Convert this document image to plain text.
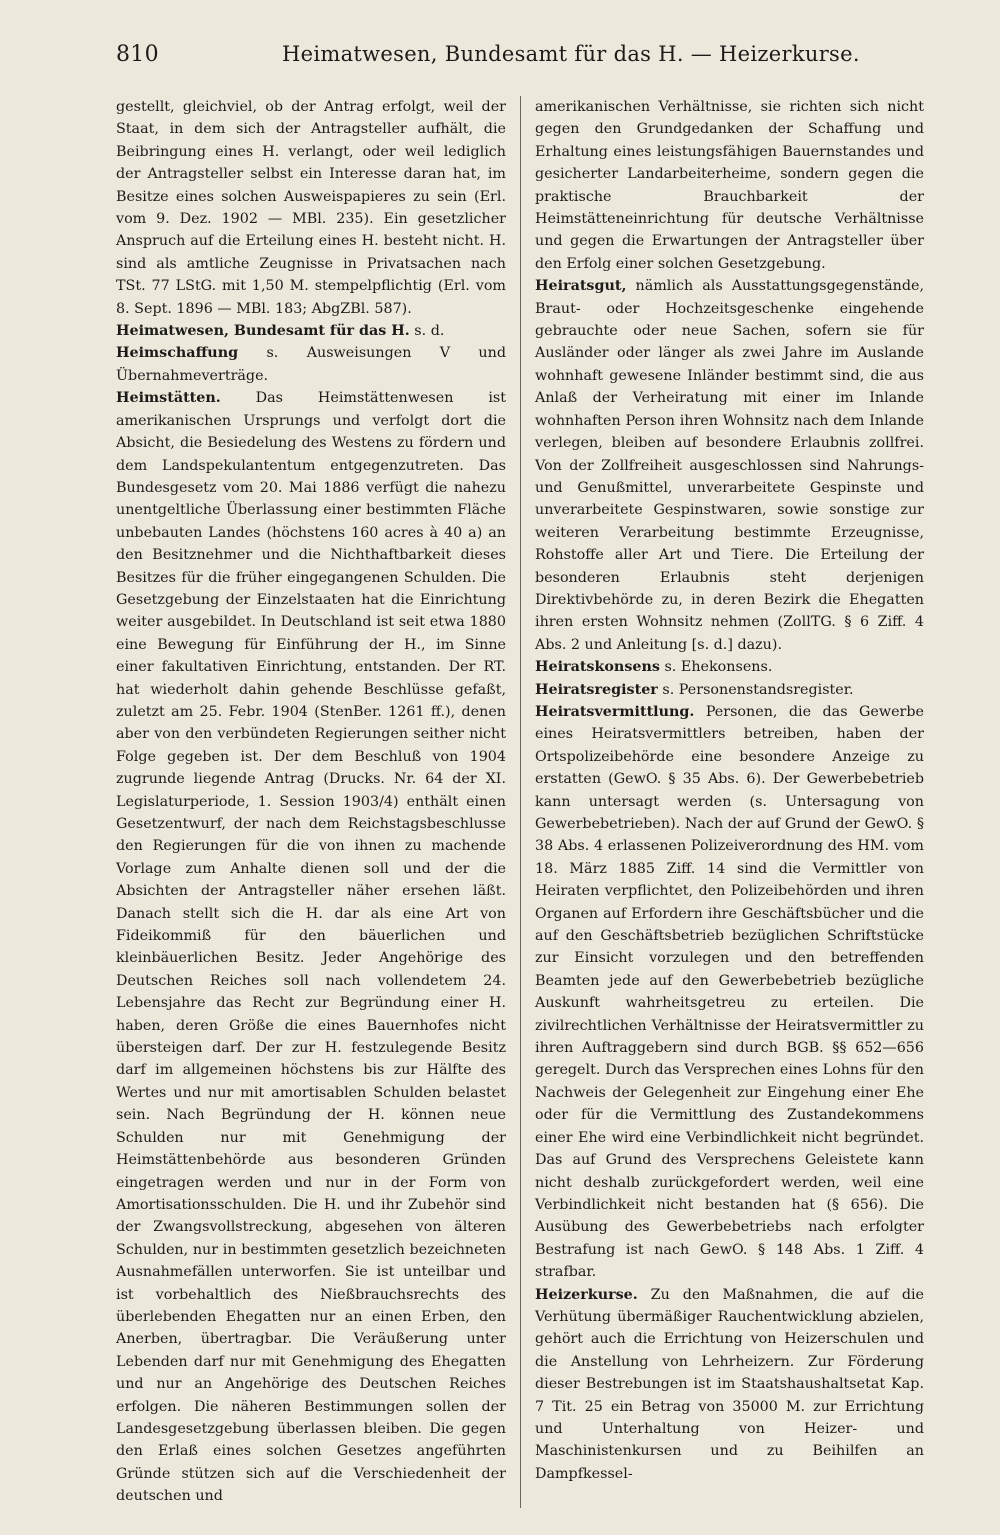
810	Heimatwesen, Bundesamt für das H. — Heizerkurse.

gestellt, gleichviel, ob der Antrag erfolgt, weil der Staat, in dem sich der Antragsteller aufhält, die Beibringung eines H. verlangt, oder weil lediglich der Antragsteller selbst ein Interesse daran hat, im Besitze eines solchen Ausweispapieres zu sein (Erl. vom 9. Dez. 1902 — MBl. 235). Ein gesetzlicher Anspruch auf die Erteilung eines H. besteht nicht. H. sind als amtliche Zeugnisse in Privatsachen nach TSt. 77 LStG. mit 1,50 M. stempelpflichtig (Erl. vom 8. Sept. 1896 — MBl. 183; AbgZBl. 587).

Heimatwesen, Bundesamt für das H. s. d.

Heimschaffung s. Ausweisungen V und Übernahmeverträge.

Heimstätten. Das Heimstättenwesen ist amerikanischen Ursprungs und verfolgt dort die Absicht, die Besiedelung des Westens zu fördern und dem Landspekulantentum entgegenzutreten. Das Bundesgesetz vom 20. Mai 1886 verfügt die nahezu unentgeltliche Überlassung einer bestimmten Fläche unbebauten Landes (höchstens 160 acres à 40 a) an den Besitznehmer und die Nichthaftbarkeit dieses Besitzes für die früher eingegangenen Schulden. Die Gesetzgebung der Einzelstaaten hat die Einrichtung weiter ausgebildet. In Deutschland ist seit etwa 1880 eine Bewegung für Einführung der H., im Sinne einer fakultativen Einrichtung, entstanden. Der RT. hat wiederholt dahin gehende Beschlüsse gefaßt, zuletzt am 25. Febr. 1904 (StenBer. 1261 ff.), denen aber von den verbündeten Regierungen seither nicht Folge gegeben ist. Der dem Beschluß von 1904 zugrunde liegende Antrag (Drucks. Nr. 64 der XI. Legislaturperiode, 1. Session 1903/4) enthält einen Gesetzentwurf, der nach dem Reichstagsbeschlusse den Regierungen für die von ihnen zu machende Vorlage zum Anhalte dienen soll und der die Absichten der Antragsteller näher ersehen läßt. Danach stellt sich die H. dar als eine Art von Fideikommiß für den bäuerlichen und kleinbäuerlichen Besitz. Jeder Angehörige des Deutschen Reiches soll nach vollendetem 24. Lebensjahre das Recht zur Begründung einer H. haben, deren Größe die eines Bauernhofes nicht übersteigen darf. Der zur H. festzulegende Besitz darf im allgemeinen höchstens bis zur Hälfte des Wertes und nur mit amortisablen Schulden belastet sein. Nach Begründung der H. können neue Schulden nur mit Genehmigung der Heimstättenbehörde aus besonderen Gründen eingetragen werden und nur in der Form von Amortisationsschulden. Die H. und ihr Zubehör sind der Zwangsvollstreckung, abgesehen von älteren Schulden, nur in bestimmten gesetzlich bezeichneten Ausnahmefällen unterworfen. Sie ist unteilbar und ist vorbehaltlich des Nießbrauchsrechts des überlebenden Ehegatten nur an einen Erben, den Anerben, übertragbar. Die Veräußerung unter Lebenden darf nur mit Genehmigung des Ehegatten und nur an Angehörige des Deutschen Reiches erfolgen. Die näheren Bestimmungen sollen der Landesgesetzgebung überlassen bleiben. Die gegen den Erlaß eines solchen Gesetzes angeführten Gründe stützen sich auf die Verschiedenheit der deutschen und

amerikanischen Verhältnisse, sie richten sich nicht gegen den Grundgedanken der Schaffung und Erhaltung eines leistungsfähigen Bauernstandes und gesicherter Landarbeiterheime, sondern gegen die praktische Brauchbarkeit der Heimstätteneinrichtung für deutsche Verhältnisse und gegen die Erwartungen der Antragsteller über den Erfolg einer solchen Gesetzgebung.

Heiratsgut, nämlich als Ausstattungsgegenstände, Braut- oder Hochzeitsgeschenke eingehende gebrauchte oder neue Sachen, sofern sie für Ausländer oder länger als zwei Jahre im Auslande wohnhaft gewesene Inländer bestimmt sind, die aus Anlaß der Verheiratung mit einer im Inlande wohnhaften Person ihren Wohnsitz nach dem Inlande verlegen, bleiben auf besondere Erlaubnis zollfrei. Von der Zollfreiheit ausgeschlossen sind Nahrungs- und Genußmittel, unverarbeitete Gespinste und unverarbeitete Gespinstwaren, sowie sonstige zur weiteren Verarbeitung bestimmte Erzeugnisse, Rohstoffe aller Art und Tiere. Die Erteilung der besonderen Erlaubnis steht derjenigen Direktivbehörde zu, in deren Bezirk die Ehegatten ihren ersten Wohnsitz nehmen (ZollTG. § 6 Ziff. 4 Abs. 2 und Anleitung [s. d.] dazu).

Heiratskonsens s. Ehekonsens.

Heiratsregister s. Personenstandsregister.

Heiratsvermittlung. Personen, die das Gewerbe eines Heiratsvermittlers betreiben, haben der Ortspolizeibehörde eine besondere Anzeige zu erstatten (GewO. § 35 Abs. 6). Der Gewerbebetrieb kann untersagt werden (s. Untersagung von Gewerbebetrieben). Nach der auf Grund der GewO. § 38 Abs. 4 erlassenen Polizeiverordnung des HM. vom 18. März 1885 Ziff. 14 sind die Vermittler von Heiraten verpflichtet, den Polizeibehörden und ihren Organen auf Erfordern ihre Geschäftsbücher und die auf den Geschäftsbetrieb bezüglichen Schriftstücke zur Einsicht vorzulegen und den betreffenden Beamten jede auf den Gewerbebetrieb bezügliche Auskunft wahrheitsgetreu zu erteilen. Die zivilrechtlichen Verhältnisse der Heiratsvermittler zu ihren Auftraggebern sind durch BGB. §§ 652—656 geregelt. Durch das Versprechen eines Lohns für den Nachweis der Gelegenheit zur Eingehung einer Ehe oder für die Vermittlung des Zustandekommens einer Ehe wird eine Verbindlichkeit nicht begründet. Das auf Grund des Versprechens Geleistete kann nicht deshalb zurückgefordert werden, weil eine Verbindlichkeit nicht bestanden hat (§ 656). Die Ausübung des Gewerbebetriebs nach erfolgter Bestrafung ist nach GewO. § 148 Abs. 1 Ziff. 4 strafbar.

Heizerkurse. Zu den Maßnahmen, die auf die Verhütung übermäßiger Rauchentwicklung abzielen, gehört auch die Errichtung von Heizerschulen und die Anstellung von Lehrheizern. Zur Förderung dieser Bestrebungen ist im Staatshaushaltsetat Kap. 7 Tit. 25 ein Betrag von 35000 M. zur Errichtung und Unterhaltung von Heizer- und Maschinistenkursen und zu Beihilfen an Dampfkessel-
